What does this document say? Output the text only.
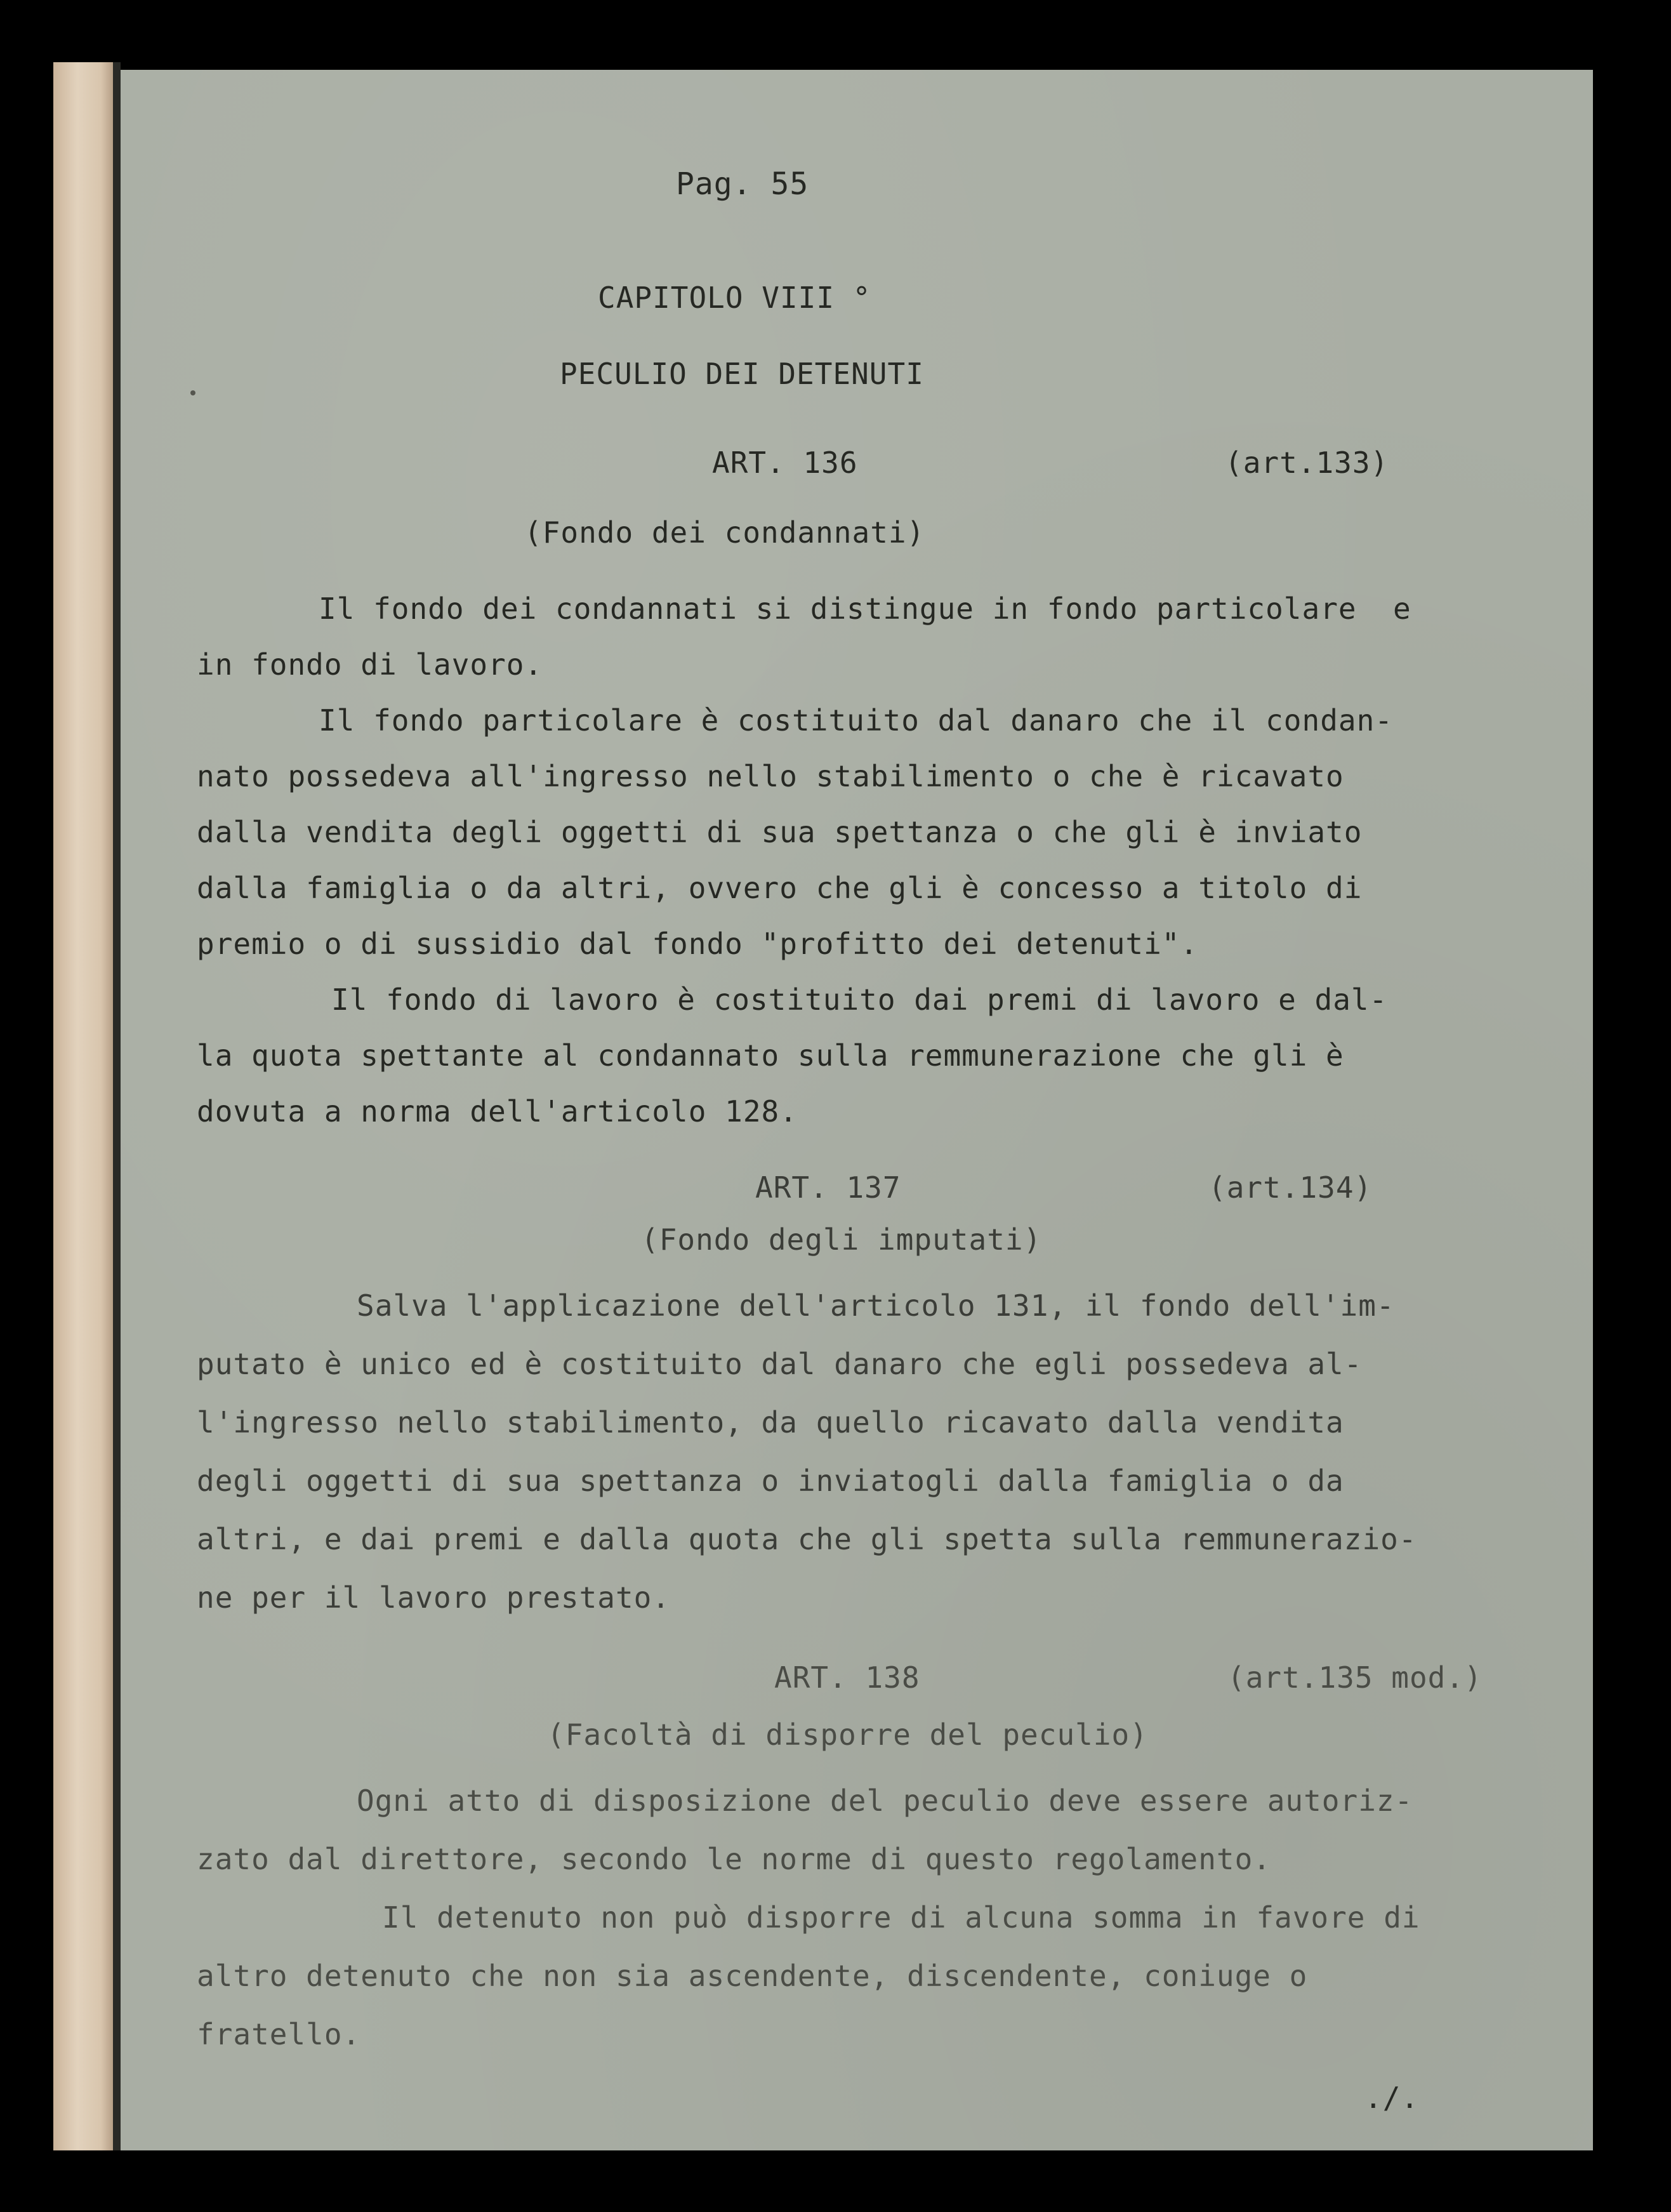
Pag. 55
CAPITOLO VIII °
PECULIO DEI DETENUTI
ART. 136	(art.133)
(Fondo dei condannati)
Il fondo dei condannati si distingue in fondo particolare  e
in fondo di lavoro.
Il fondo particolare è costituito dal danaro che il condan-
nato possedeva all'ingresso nello stabilimento o che è ricavato
dalla vendita degli oggetti di sua spettanza o che gli è inviato
dalla famiglia o da altri, ovvero che gli è concesso a titolo di
premio o di sussidio dal fondo "profitto dei detenuti".
Il fondo di lavoro è costituito dai premi di lavoro e dal-
la quota spettante al condannato sulla remmunerazione che gli è
dovuta a norma dell'articolo 128.
ART. 137	(art.134)
(Fondo degli imputati)
Salva l'applicazione dell'articolo 131, il fondo dell'im-
putato è unico ed è costituito dal danaro che egli possedeva al-
l'ingresso nello stabilimento, da quello ricavato dalla vendita
degli oggetti di sua spettanza o inviatogli dalla famiglia o da
altri, e dai premi e dalla quota che gli spetta sulla remmunerazio-
ne per il lavoro prestato.
ART. 138	(art.135 mod.)
(Facoltà di disporre del peculio)
Ogni atto di disposizione del peculio deve essere autoriz-
zato dal direttore, secondo le norme di questo regolamento.
Il detenuto non può disporre di alcuna somma in favore di
altro detenuto che non sia ascendente, discendente, coniuge o
fratello.
./.
